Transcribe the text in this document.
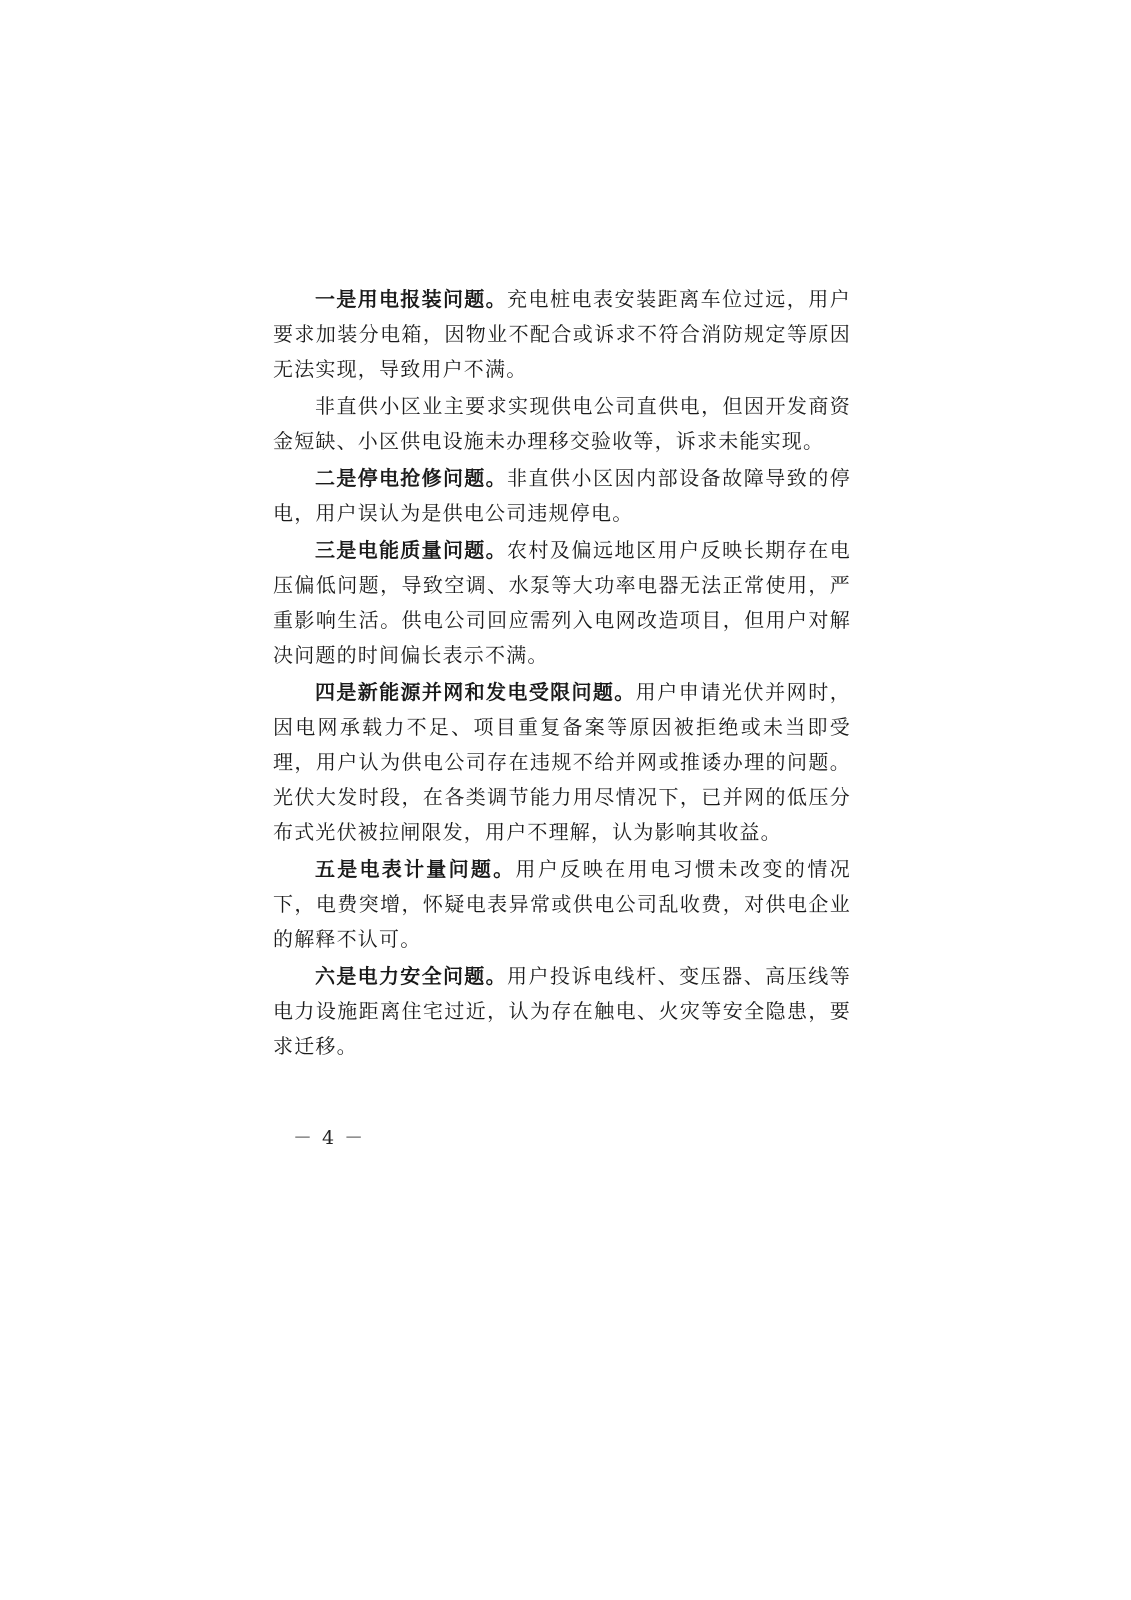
一是用电报装问题。充电桩电表安装距离车位过远，用户要求加装分电箱，因物业不配合或诉求不符合消防规定等原因无法实现，导致用户不满。

非直供小区业主要求实现供电公司直供电，但因开发商资金短缺、小区供电设施未办理移交验收等，诉求未能实现。

二是停电抢修问题。非直供小区因内部设备故障导致的停电，用户误认为是供电公司违规停电。

三是电能质量问题。农村及偏远地区用户反映长期存在电压偏低问题，导致空调、水泵等大功率电器无法正常使用，严重影响生活。供电公司回应需列入电网改造项目，但用户对解决问题的时间偏长表示不满。

四是新能源并网和发电受限问题。用户申请光伏并网时，因电网承载力不足、项目重复备案等原因被拒绝或未当即受理，用户认为供电公司存在违规不给并网或推诿办理的问题。光伏大发时段，在各类调节能力用尽情况下，已并网的低压分布式光伏被拉闸限发，用户不理解，认为影响其收益。

五是电表计量问题。用户反映在用电习惯未改变的情况下，电费突增，怀疑电表异常或供电公司乱收费，对供电企业的解释不认可。

六是电力安全问题。用户投诉电线杆、变压器、高压线等电力设施距离住宅过近，认为存在触电、火灾等安全隐患，要求迁移。

－ 4 －
